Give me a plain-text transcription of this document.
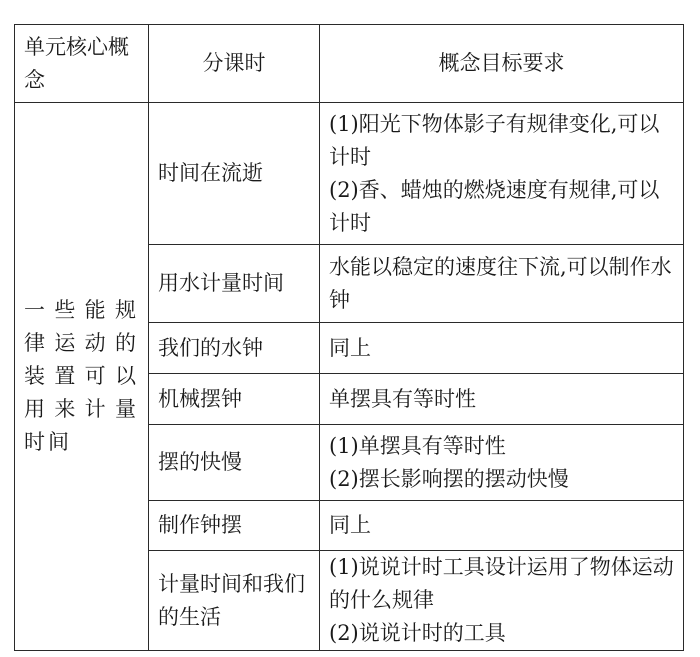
单元核心概念	分课时	概念目标要求

一些能规律运动的装置可以用来计量时间	时间在流逝	(1)阳光下物体影子有规律变化,可以计时
(2)香、蜡烛的燃烧速度有规律,可以计时
	用水计量时间	水能以稳定的速度往下流,可以制作水钟
	我们的水钟	同上
	机械摆钟	单摆具有等时性
	摆的快慢	(1)单摆具有等时性
(2)摆长影响摆的摆动快慢
	制作钟摆	同上
	计量时间和我们的生活	(1)说说计时工具设计运用了物体运动的什么规律
(2)说说计时的工具
